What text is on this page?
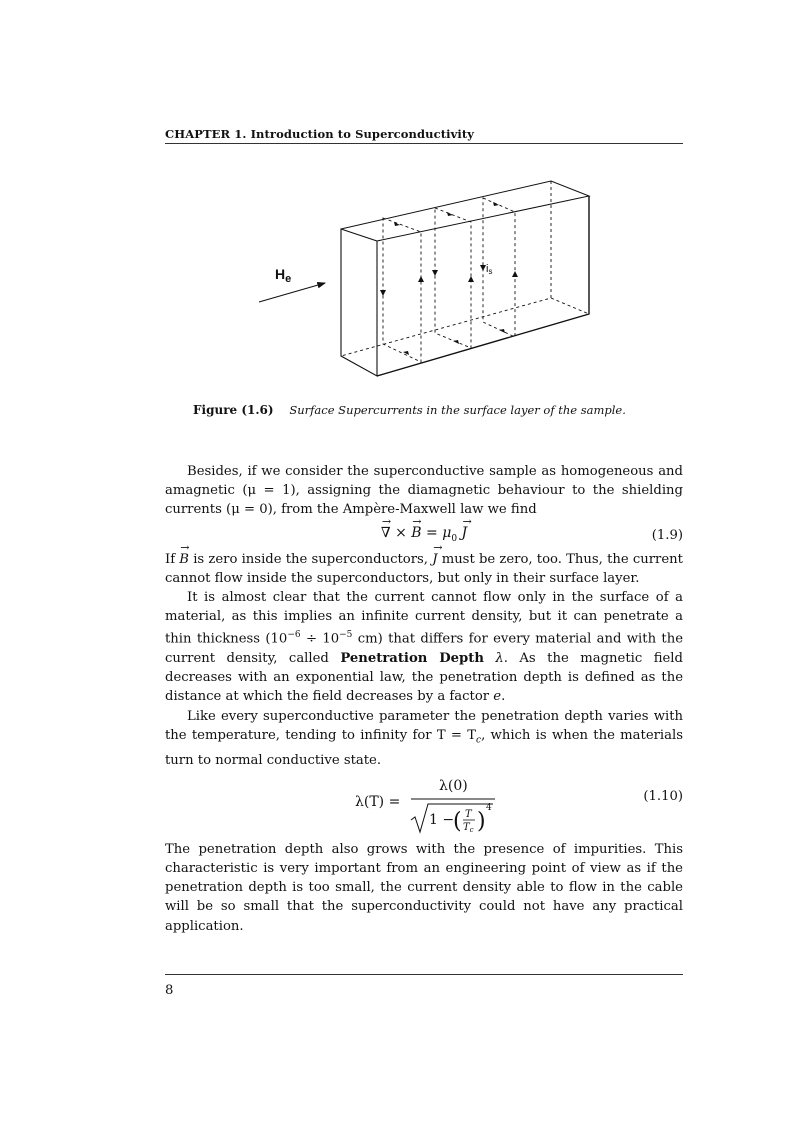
CHAPTER 1. Introduction to Superconductivity
$H_e$
is
Figure (1.6) Surface Supercurrents in the surface layer of the sample.

Besides, if we consider the superconductive sample as homogeneous and amagnetic (μ = 1), assigning the diamagnetic behaviour to the shielding currents (μ = 0), from the Ampère-Maxwell law we find

→ ∇ × → $B = \mu_0 \to J$	(1.9)

If → B is zero inside the superconductors, → J must be zero, too. Thus, the current cannot flow inside the superconductors, but only in their surface layer.

It is almost clear that the current cannot flow only in the surface of a material, as this implies an infinite current density, but it can penetrate a thin thickness ($10^{-6} \div 10^{-5}$ cm) that differs for every material and with the current density, called Penetration Depth λ. As the magnetic field decreases with an exponential law, the penetration depth is defined as the distance at which the field decreases by a factor e.

Like every superconductive parameter the penetration depth varies with the temperature, tending to infinity for $T = T_c$, which is when the materials turn to normal conductive state.

λ(T) =
λ(0)
1 −
( T
$T_c$ )
4
(1.10)

The penetration depth also grows with the presence of impurities. This characteristic is very important from an engineering point of view as if the penetration depth is too small, the current density able to flow in the cable will be so small that the superconductivity could not have any practical application.

8
